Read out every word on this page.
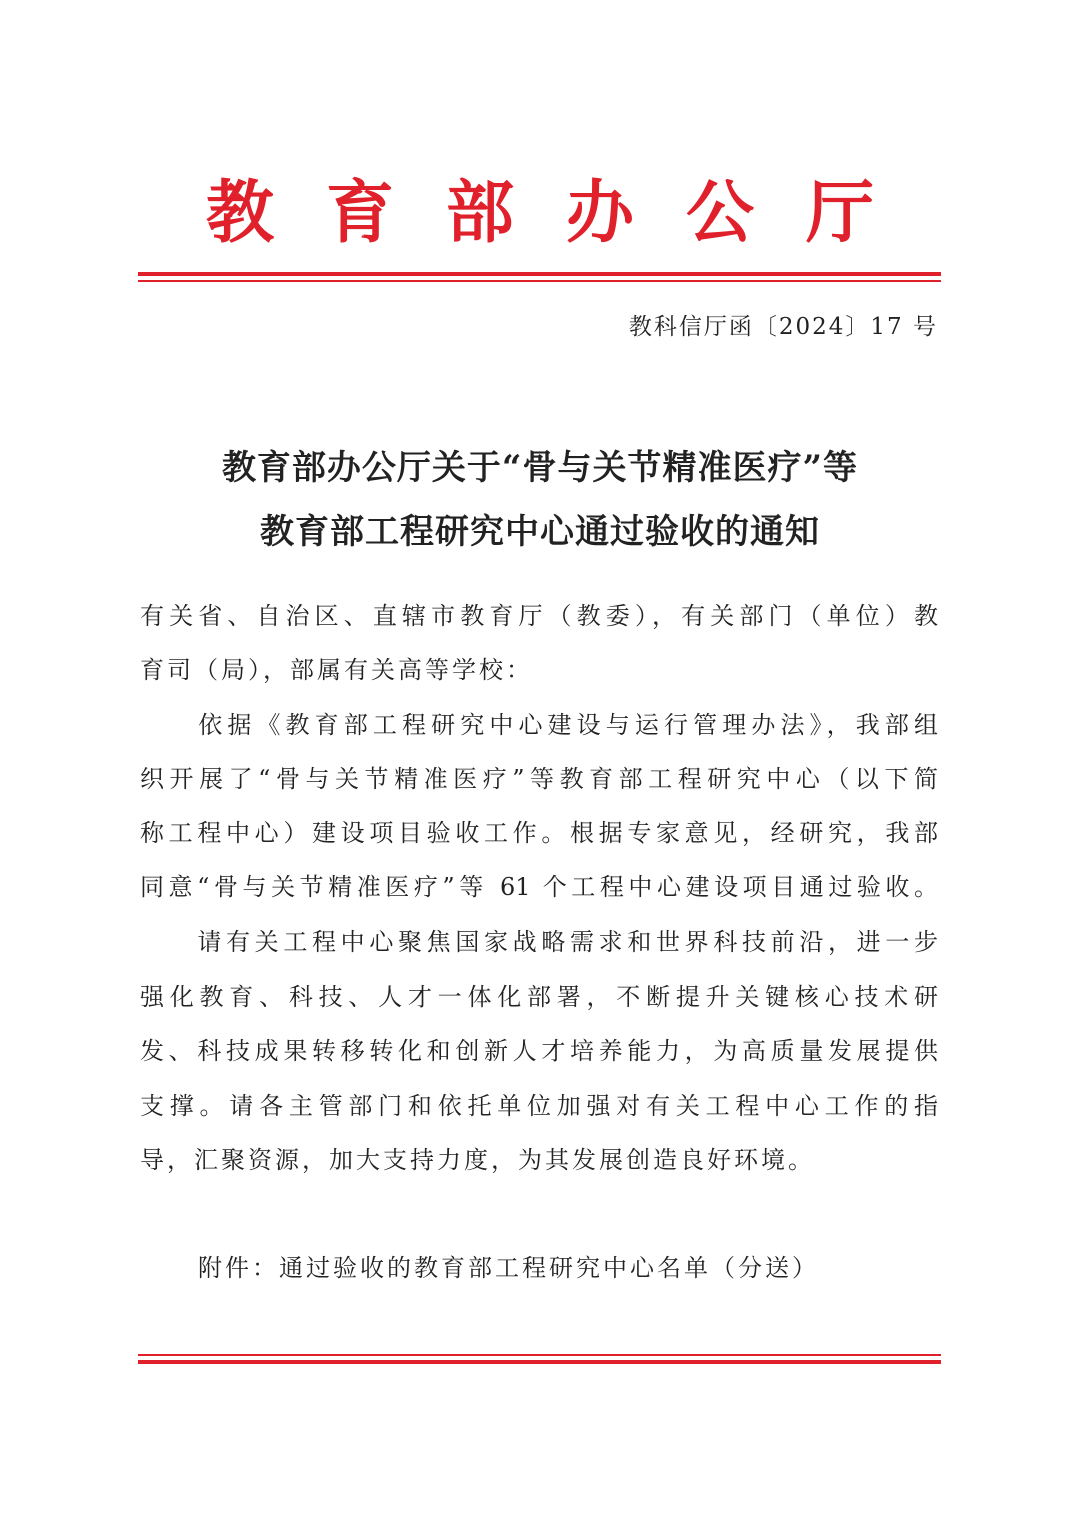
教育部办公厅
教科信厅函〔2024〕17 号
教育部办公厅关于“骨与关节精准医疗”等
教育部工程研究中心通过验收的通知
有关省、自治区、直辖市教育厅（教委），有关部门（单位）教
育司（局），部属有关高等学校：
　　依据《教育部工程研究中心建设与运行管理办法》，我部组
织开展了“骨与关节精准医疗”等教育部工程研究中心（以下简
称工程中心）建设项目验收工作。根据专家意见，经研究，我部
同意“骨与关节精准医疗”等 61 个工程中心建设项目通过验收。
　　请有关工程中心聚焦国家战略需求和世界科技前沿，进一步
强化教育、科技、人才一体化部署，不断提升关键核心技术研
发、科技成果转移转化和创新人才培养能力，为高质量发展提供
支撑。请各主管部门和依托单位加强对有关工程中心工作的指
导，汇聚资源，加大支持力度，为其发展创造良好环境。
附件：通过验收的教育部工程研究中心名单（分送）
